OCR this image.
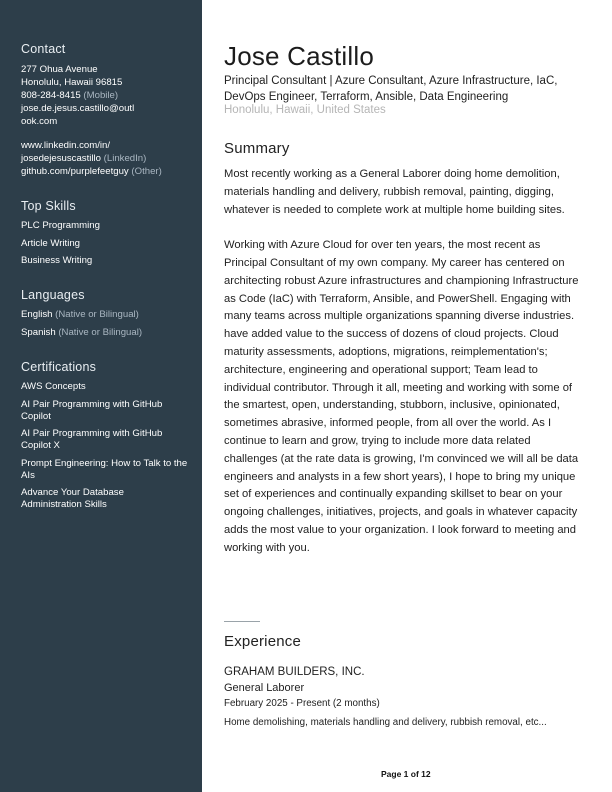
Contact
277 Ohua Avenue
Honolulu, Hawaii 96815
808-284-8415 (Mobile)
jose.de.jesus.castillo@outl
ook.com
www.linkedin.com/in/
josedejesuscastillo (LinkedIn)
github.com/purplefeetguy (Other)
Top Skills
PLC Programming
Article Writing
Business Writing
Languages
English (Native or Bilingual)
Spanish (Native or Bilingual)
Certifications
AWS Concepts
AI Pair Programming with GitHub Copilot
AI Pair Programming with GitHub Copilot X
Prompt Engineering: How to Talk to the AIs
Advance Your Database Administration Skills
Jose Castillo
Principal Consultant | Azure Consultant, Azure Infrastructure, IaC, DevOps Engineer, Terraform, Ansible, Data Engineering
Honolulu, Hawaii, United States
Summary

Most recently working as a General Laborer doing home demolition, materials handling and delivery, rubbish removal, painting, digging, whatever is needed to complete work at multiple home building sites.

Working with Azure Cloud for over ten years, the most recent as Principal Consultant of my own company. My career has centered on architecting robust Azure infrastructures and championing Infrastructure as Code (IaC) with Terraform, Ansible, and PowerShell. Engaging with many teams across multiple organizations spanning diverse industries. have added value to the success of dozens of cloud projects. Cloud maturity assessments, adoptions, migrations, reimplementation's; architecture, engineering and operational support; Team lead to individual contributor. Through it all, meeting and working with some of the smartest, open, understanding, stubborn, inclusive, opinionated, sometimes abrasive, informed people, from all over the world. As I continue to learn and grow, trying to include more data related challenges (at the rate data is growing, I'm convinced we will all be data engineers and analysts in a few short years), I hope to bring my unique set of experiences and continually expanding skillset to bear on your ongoing challenges, initiatives, projects, and goals in whatever capacity adds the most value to your organization. I look forward to meeting and working with you.

Experience
GRAHAM BUILDERS, INC.
General Laborer
February 2025 - Present (2 months)
Home demolishing, materials handling and delivery, rubbish removal, etc...
Page 1 of 12
